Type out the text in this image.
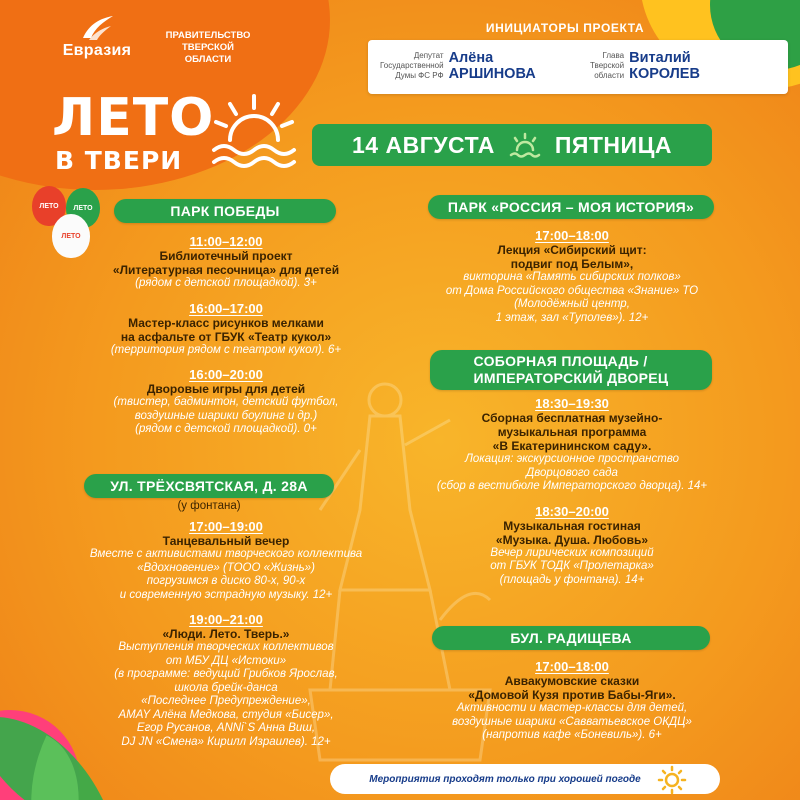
Евразия
ПРАВИТЕЛЬСТВО ТВЕРСКОЙ ОБЛАСТИ
ИНИЦИАТОРЫ ПРОЕКТА
Депутат
Государственной
Думы ФС РФ
Алёна
АРШИНОВА
Глава
Тверской
области
Виталий
КОРОЛЕВ
ЛЕТО
В ТВЕРИ
14 АВГУСТА	ПЯТНИЦА
ЛЕТО	ЛЕТО
ЛЕТО
ПАРК ПОБЕДЫ
11:00–12:00
Библиотечный проект
«Литературная песочница» для детей
(рядом с детской площадкой). 3+
16:00–17:00
Мастер-класс рисунков мелками
на асфальте от ГБУК «Театр кукол»
(территория рядом с театром кукол). 6+
16:00–20:00
Дворовые игры для детей
(твистер, бадминтон, детский футбол,
воздушные шарики боулинг и др.)
(рядом с детской площадкой). 0+
УЛ. ТРЁХСВЯТСКАЯ, Д. 28А
(у фонтана)
17:00–19:00
Танцевальный вечер
Вместе с активистами творческого коллектива
«Вдохновение» (ТООО «Жизнь»)
погрузимся в диско 80-х, 90-х
и современную эстрадную музыку. 12+
19:00–21:00
«Люди. Лето. Тверь.»
Выступления творческих коллективов
от МБУ ДЦ «Истоки»
(в программе: ведущий Грибков Ярослав,
школа брейк-данса
«Последнее Предупреждение»,
AMAY Алёна Медкова, студия «Бисер»,
Егор Русанов, ANNi`S Анна Виш,
DJ JN «Смена» Кирилл Израилев). 12+
ПАРК «РОССИЯ – МОЯ ИСТОРИЯ»
17:00–18:00
Лекция «Сибирский щит:
подвиг под Белым»,
викторина «Память сибирских полков»
от Дома Российского общества «Знание» ТО
(Молодёжный центр,
1 этаж, зал «Туполев»). 12+
СОБОРНАЯ ПЛОЩАДЬ /
ИМПЕРАТОРСКИЙ ДВОРЕЦ
18:30–19:30
Сборная бесплатная музейно-
музыкальная программа
«В Екатерининском саду».
Локация: экскурсионное пространство
Дворцового сада
(сбор в вестибюле Императорского дворца). 14+
18:30–20:00
Музыкальная гостиная
«Музыка. Душа. Любовь»
Вечер лирических композиций
от ГБУК ТОДК «Пролетарка»
(площадь у фонтана). 14+
БУЛ. РАДИЩЕВА
17:00–18:00
Аввакумовские сказки
«Домовой Кузя против Бабы-Яги».
Активности и мастер-классы для детей,
воздушные шарики «Савватьевское ОКДЦ»
(напротив кафе «Боневиль»). 6+
Мероприятия проходят только при хорошей погоде
